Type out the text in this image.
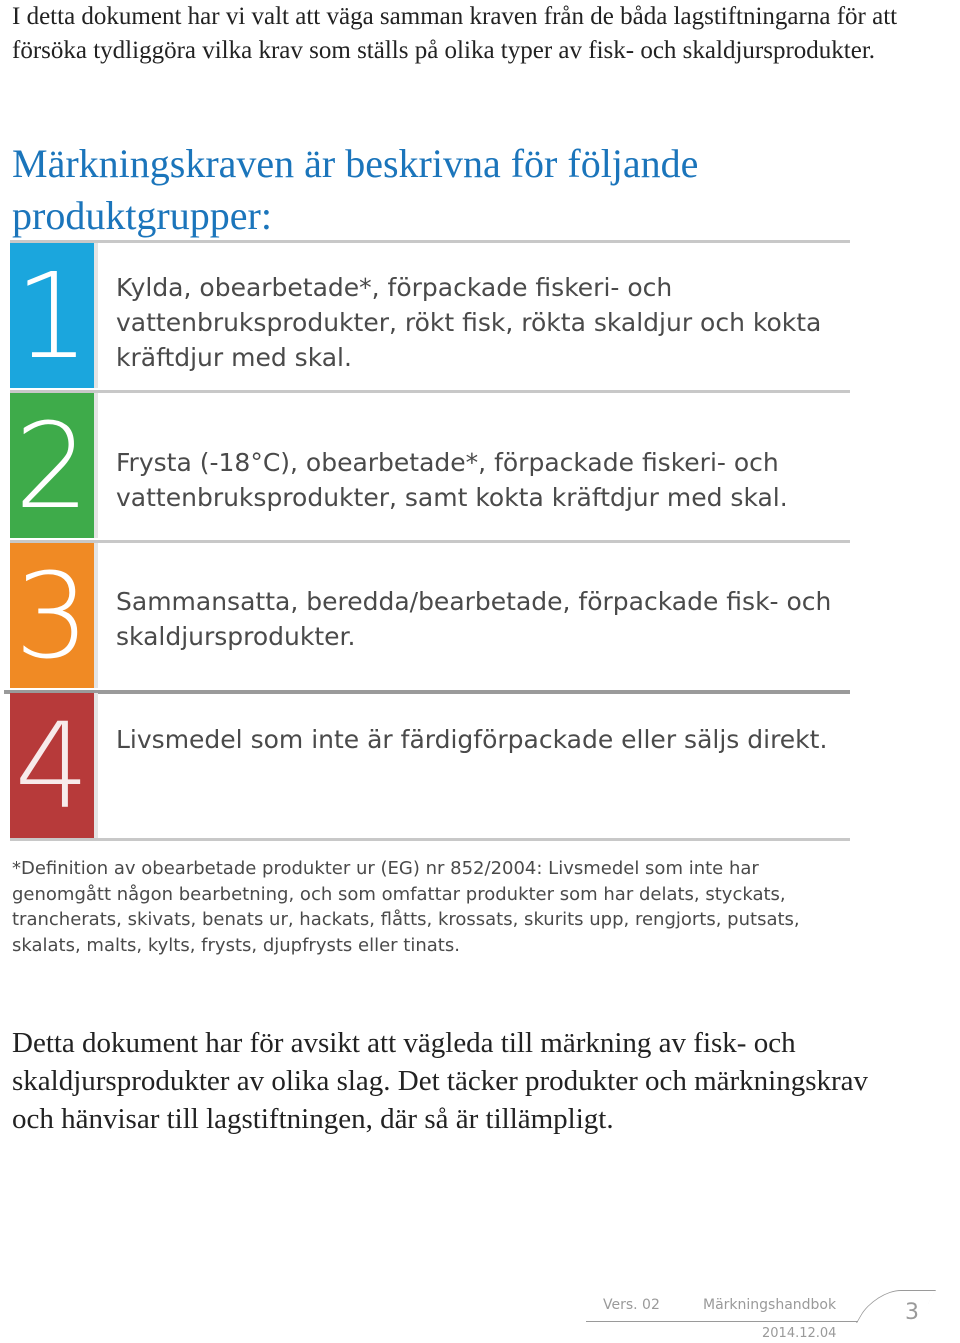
I detta dokument har vi valt att väga samman kraven från de båda lagstiftningarna för att försöka tydliggöra vilka krav som ställs på olika typer av fisk- och skaldjursprodukter.
Märkningskraven är beskrivna för följande produktgrupper:
1 Kylda, obearbetade*, förpackade fiskeri- och vattenbruksprodukter, rökt fisk, rökta skaldjur och kokta kräftdjur med skal.
2 Frysta (-18°C), obearbetade*, förpackade fiskeri- och vattenbruksprodukter, samt kokta kräftdjur med skal.
3 Sammansatta, beredda/bearbetade, förpackade fisk- och skaldjursprodukter.
4 Livsmedel som inte är färdigförpackade eller säljs direkt.
*Definition av obearbetade produkter ur (EG) nr 852/2004: Livsmedel som inte har genomgått någon bearbetning, och som omfattar produkter som har delats, styckats, trancherats, skivats, benats ur, hackats, flåtts, krossats, skurits upp, rengjorts, putsats, skalats, malts, kylts, frysts, djupfrysts eller tinats.
Detta dokument har för avsikt att vägleda till märkning av fisk- och skaldjursprodukter av olika slag. Det täcker produkter och märkningskrav och hänvisar till lagstiftningen, där så är tillämpligt.
Vers. 02	Märkningshandbok
2014.12.04
3
